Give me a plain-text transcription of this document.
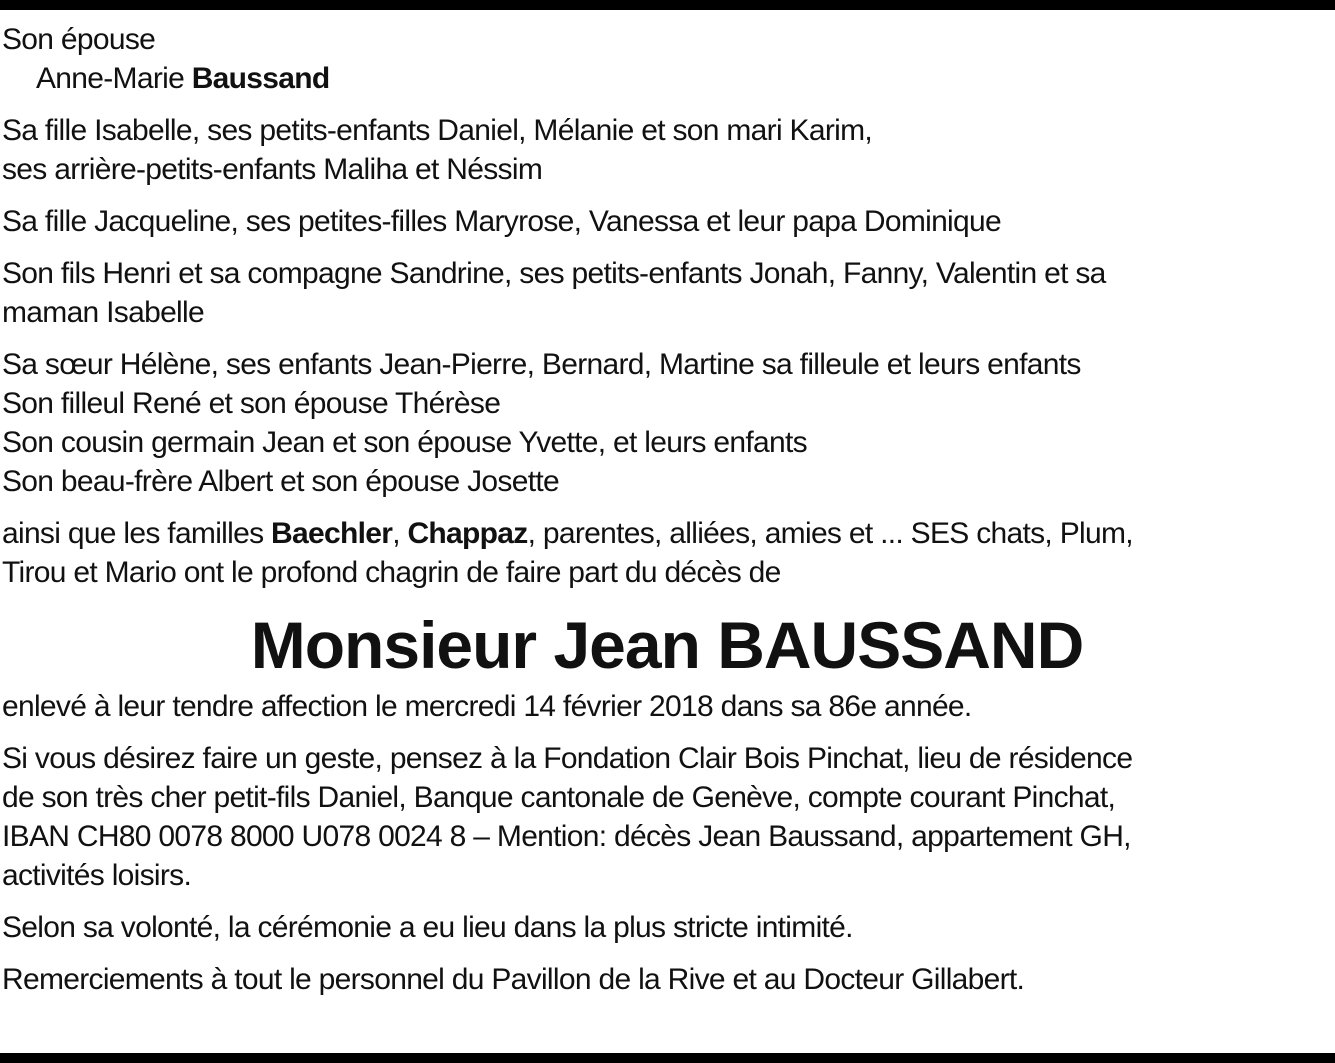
Son épouse
Anne-Marie Baussand
Sa fille Isabelle, ses petits-enfants Daniel, Mélanie et son mari Karim,
ses arrière-petits-enfants Maliha et Néssim
Sa fille Jacqueline, ses petites-filles Maryrose, Vanessa et leur papa Dominique
Son fils Henri et sa compagne Sandrine, ses petits-enfants Jonah, Fanny, Valentin et sa
maman Isabelle
Sa sœur Hélène, ses enfants Jean-Pierre, Bernard, Martine sa filleule et leurs enfants
Son filleul René et son épouse Thérèse
Son cousin germain Jean et son épouse Yvette, et leurs enfants
Son beau-frère Albert et son épouse Josette
ainsi que les familles Baechler, Chappaz, parentes, alliées, amies et ... SES chats, Plum,
Tirou et Mario ont le profond chagrin de faire part du décès de
Monsieur Jean BAUSSAND
enlevé à leur tendre affection le mercredi 14 février 2018 dans sa 86e année.
Si vous désirez faire un geste, pensez à la Fondation Clair Bois Pinchat, lieu de résidence
de son très cher petit-fils Daniel, Banque cantonale de Genève, compte courant Pinchat,
IBAN CH80 0078 8000 U078 0024 8 – Mention: décès Jean Baussand, appartement GH,
activités loisirs.
Selon sa volonté, la cérémonie a eu lieu dans la plus stricte intimité.
Remerciements à tout le personnel du Pavillon de la Rive et au Docteur Gillabert.
